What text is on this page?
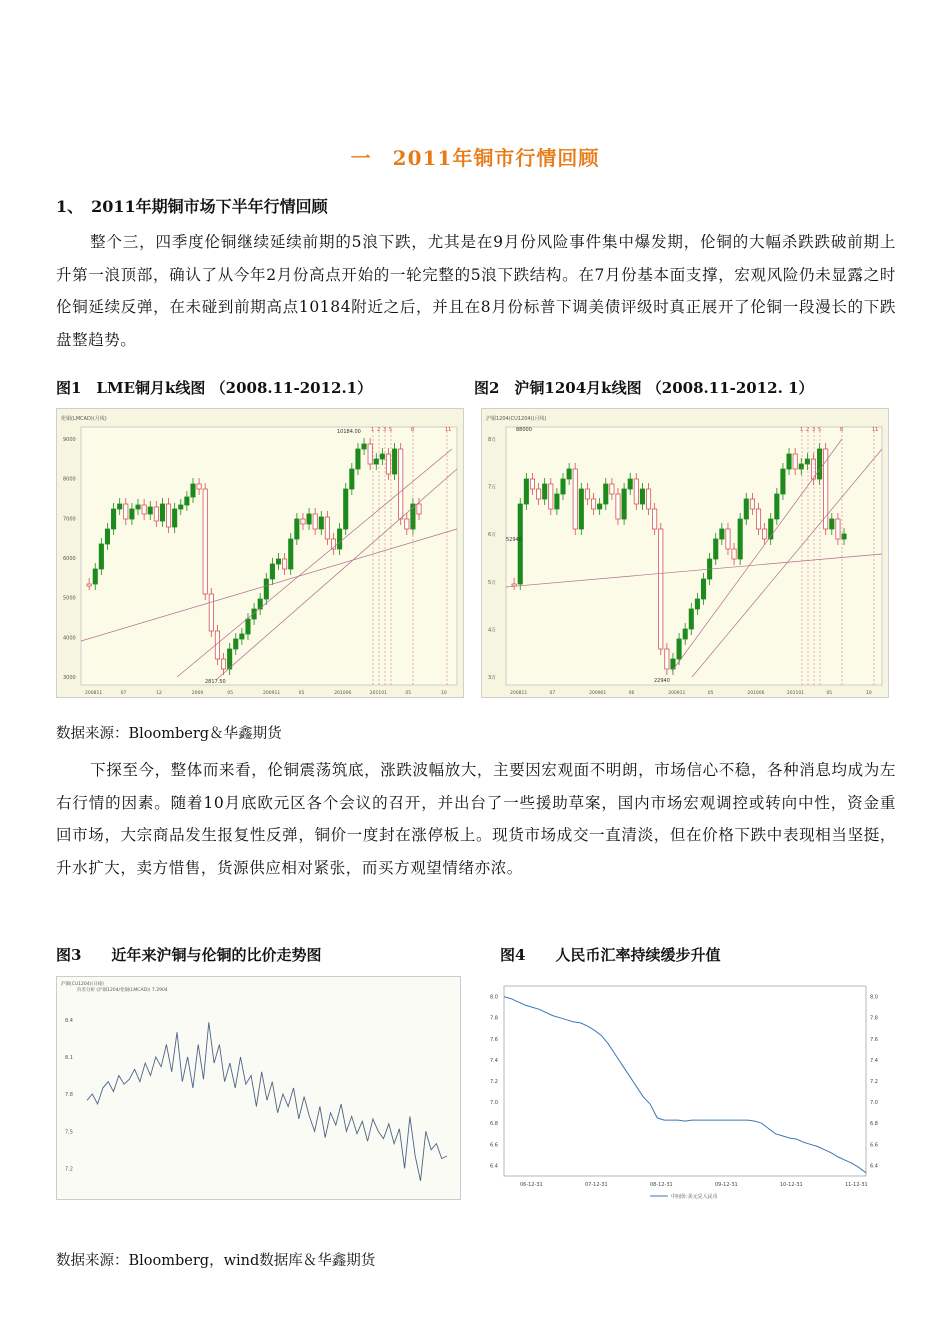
一　2011年铜市行情回顾
1、　2011年期铜市场下半年行情回顾

整个三，四季度伦铜继续延续前期的5浪下跌，尤其是在9月份风险事件集中爆发期，伦铜的大幅杀跌跌破前期上升第一浪顶部，确认了从今年2月份高点开始的一轮完整的5浪下跌结构。在7月份基本面支撑，宏观风险仍未显露之时伦铜延续反弹，在未碰到前期高点10184附近之后，并且在8月份标普下调美债评级时真正展开了伦铜一段漫长的下跌盘整趋势。

图1　LME铜月k线图 （2008.11-2012.1）	图2　沪铜1204月k线图 （2008.11-2012. 1）
伦铜(LMCAD)(月线)
9000
8000
7000
6000
5000
4000
3000
200811	07	12	2009	05	200911	05	201006	201101	05	10
1 2 3 5	8	11
10184.00
2817.50
沪铜1204(CU1204)(月线)
8万
7万
6万
5万
4万
3万
200811	07	200901	06	200911	05	201006	201101	05	10
1 2 3 5	8	11
88000
22940
52940
数据来源：Bloomberg＆华鑫期货

下探至今，整体而来看，伦铜震荡筑底，涨跌波幅放大，主要因宏观面不明朗，市场信心不稳，各种消息均成为左右行情的因素。随着10月底欧元区各个会议的召开，并出台了一些援助草案，国内市场宏观调控或转向中性，资金重回市场，大宗商品发生报复性反弹，铜价一度封在涨停板上。现货市场成交一直清淡，但在价格下跌中表现相当坚挺，升水扩大，卖方惜售，货源供应相对紧张，而买方观望情绪亦浓。

图3　　近年来沪铜与伦铜的比价走势图	图4　　人民币汇率持续缓步升值
沪铜(CU1204)(日线)
价差分析 (沪铜1204/伦铜(LMCAD)) 7.2904
8.4
8.1
7.8
7.5
7.2
8.0	8.0
7.8	7.8
7.6	7.6
7.4	7.4
7.2	7.2
7.0	7.0
6.8	6.8
6.6	6.6
6.4	6.4
06-12-31	07-12-31	08-12-31	09-12-31	10-12-31	11-12-31
中间价:美元兑人民币
数据来源：Bloomberg，wind数据库＆华鑫期货
